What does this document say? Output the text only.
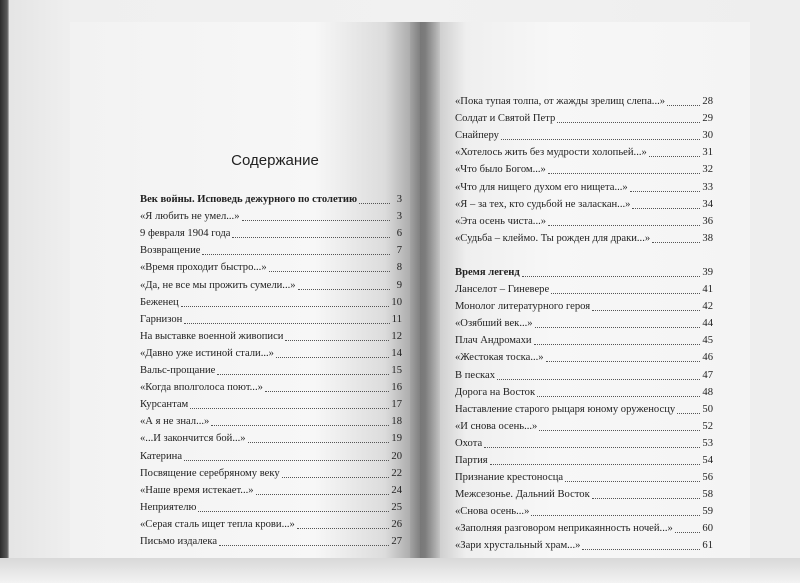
Содержание
Век войны. Исповедь дежурного по столетию	3
«Я любить не умел...»	3
9 февраля 1904 года	6
Возвращение	7
«Время проходит быстро...»	8
«Да, не все мы прожить сумели...»	9
Беженец	10
Гарнизон	11
На выставке военной живописи	12
«Давно уже истиной стали...»	14
Вальс-прощание	15
«Когда вполголоса поют...»	16
Курсантам	17
«А я не знал...»	18
«...И закончится бой...»	19
Катерина	20
Посвящение серебряному веку	22
«Наше время истекает...»	24
Неприятелю	25
«Серая сталь ищет тепла крови...»	26
Письмо издалека	27
«Пока тупая толпа, от жажды зрелищ слепа...»	28
Солдат и Святой Петр	29
Снайперу	30
«Хотелось жить без мудрости холопьей...»	31
«Что было Богом...»	32
«Что для нищего духом его нищета...»	33
«Я – за тех, кто судьбой не заласкан...»	34
«Эта осень чиста...»	36
«Судьба – клеймо. Ты рожден для драки...»	38
Время легенд	39
Ланселот – Гиневере	41
Монолог литературного героя	42
«Озябший век...»	44
Плач Андромахи	45
«Жестокая тоска...»	46
В песках	47
Дорога на Восток	48
Наставление старого рыцаря юному оруженосцу	50
«И снова осень...»	52
Охота	53
Партия	54
Признание крестоносца	56
Межсезонье. Дальний Восток	58
«Снова осень...»	59
«Заполняя разговором неприкаянность ночей...»	60
«Зари хрустальный храм...»	61
